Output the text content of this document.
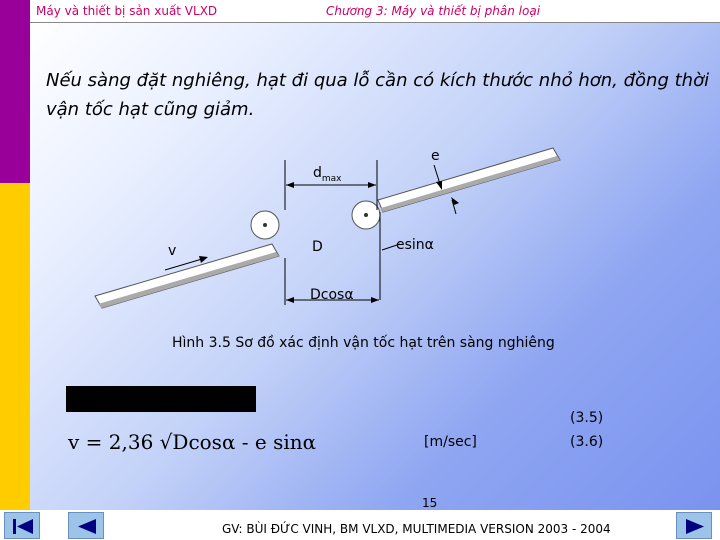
Máy và thiết bị sản xuất VLXD	Chương 3: Máy và thiết bị phân loại
Nếu sàng đặt nghiêng, hạt đi qua lỗ cần có kích thước nhỏ hơn, đồng thời vận tốc hạt cũng giảm.
e
$d_{max}$
v	D	esinα
Dcosα
Hình 3.5 Sơ đồ xác định vận tốc hạt trên sàng nghiêng
v = 2,36 √Dcosα - e sinα	[m/sec]
(3.5)
(3.6)
15
GV: BÙI ĐỨC VINH, BM VLXD, MULTIMEDIA VERSION 2003 - 2004
